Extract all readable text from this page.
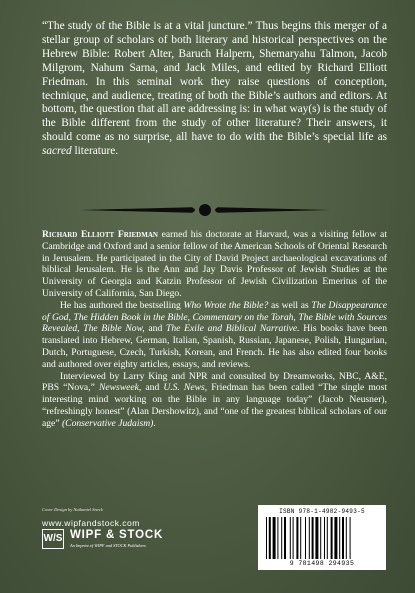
“The study of the Bible is at a vital juncture.” Thus begins this merger of a stellar group of scholars of both literary and historical perspectives on the Hebrew Bible: Robert Alter, Baruch Halpern, Shemaryahu Talmon, Jacob Milgrom, Nahum Sarna, and Jack Miles, and edited by Richard Elliott Friedman. In this seminal work they raise questions of conception, technique, and audience, treating of both the Bible’s authors and editors. At bottom, the question that all are addressing is: in what way(s) is the study of the Bible different from the study of other literature? Their answers, it should come as no surprise, all have to do with the Bible’s special life as sacred literature.

Richard Elliott Friedman earned his doctorate at Harvard, was a visiting fellow at Cambridge and Oxford and a senior fellow of the American Schools of Oriental Research in Jerusalem. He participated in the City of David Project archaeological excavations of biblical Jerusalem. He is the Ann and Jay Davis Professor of Jewish Studies at the University of Georgia and Katzin Professor of Jewish Civilization Emeritus of the University of California, San Diego.

He has authored the bestselling Who Wrote the Bible? as well as The Disappearance of God, The Hidden Book in the Bible, Commentary on the Torah, The Bible with Sources Revealed, The Bible Now, and The Exile and Biblical Narrative. His books have been translated into Hebrew, German, Italian, Spanish, Russian, Japanese, Polish, Hungarian, Dutch, Portuguese, Czech, Turkish, Korean, and French. He has also edited four books and authored over eighty articles, essays, and reviews.

Interviewed by Larry King and NPR and consulted by Dreamworks, NBC, A&E, PBS “Nova,” Newsweek, and U.S. News, Friedman has been called “The single most interesting mind working on the Bible in any language today” (Jacob Neusner), “refreshingly honest” (Alan Dershowitz), and “one of the greatest biblical scholars of our age” (Conservative Judaism).

Cover Design by Nathaniel Sneck
www.wipfandstock.com
W/S WIPF & STOCK
An Imprint of WIPF and STOCK Publishers
ISBN 978-1-4982-9493-5
9 781498 294935
